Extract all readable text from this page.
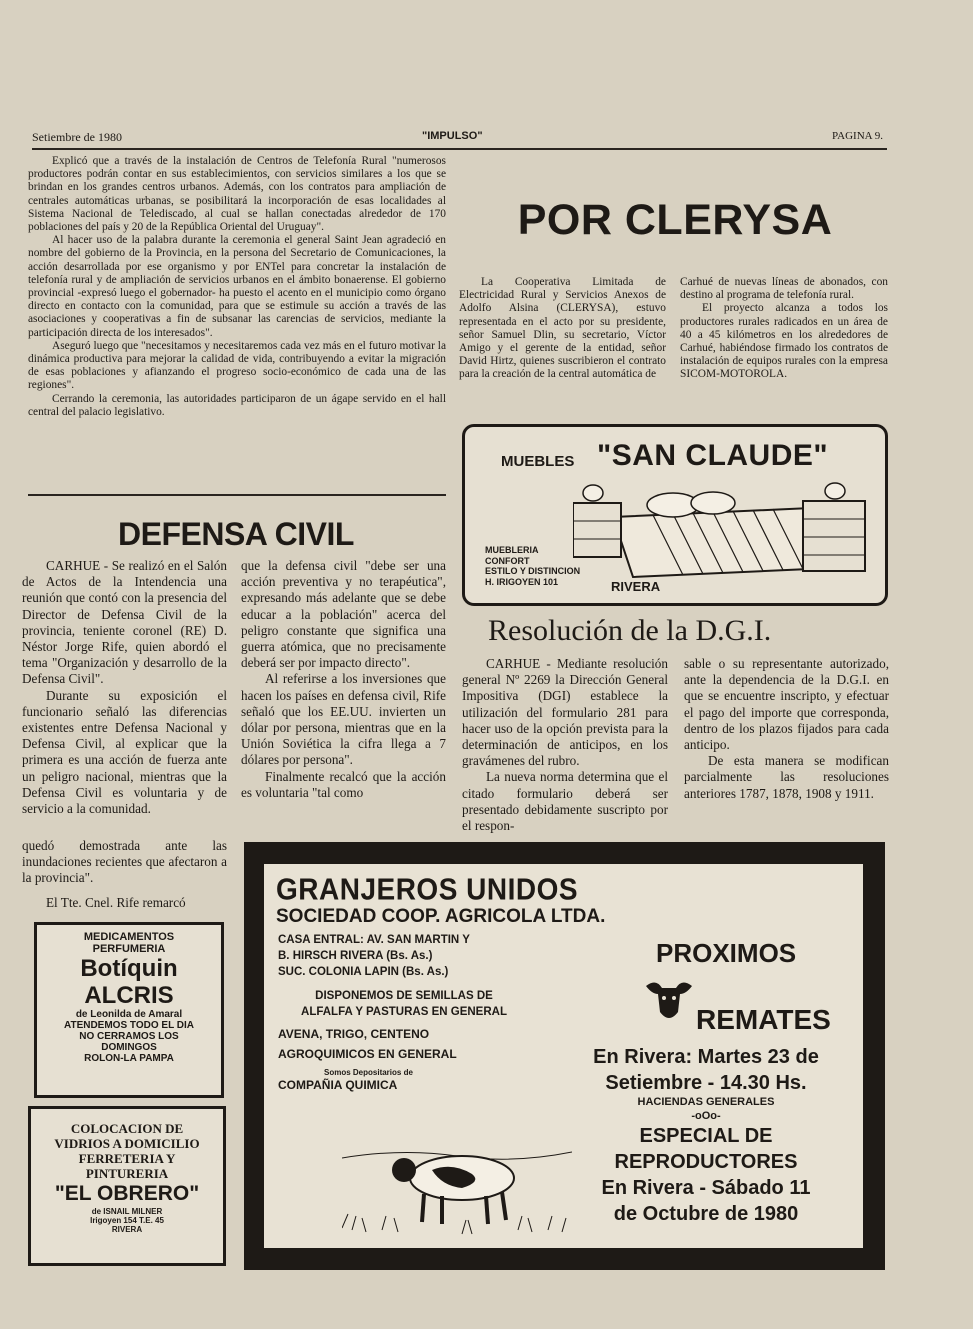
Setiembre de 1980	"IMPULSO"	PAGINA 9.

Explicó que a través de la instalación de Centros de Telefonía Rural "numerosos productores podrán contar en sus establecimientos, con servicios similares a los que se brindan en los grandes centros urbanos. Además, con los contratos para ampliación de centrales automáticas urbanas, se posibilitará la incorporación de esas localidades al Sistema Nacional de Telediscado, al cual se hallan conectadas alrededor de 170 poblaciones del país y 20 de la República Oriental del Uruguay".

Al hacer uso de la palabra durante la ceremonia el general Saint Jean agradeció en nombre del gobierno de la Provincia, en la persona del Secretario de Comunicaciones, la acción desarrollada por ese organismo y por ENTel para concretar la instalación de telefonía rural y de ampliación de servicios urbanos en el ámbito bonaerense. El gobierno provincial -expresó luego el gobernador- ha puesto el acento en el municipio como órgano directo en contacto con la comunidad, para que se estimule su acción a través de las asociaciones y cooperativas a fin de subsanar las carencias de servicios, mediante la participación directa de los interesados".

Aseguró luego que "necesitamos y necesitaremos cada vez más en el futuro motivar la dinámica productiva para mejorar la calidad de vida, contribuyendo a evitar la migración de esas poblaciones y afianzando el progreso socio-económico de cada una de las regiones".

Cerrando la ceremonia, las autoridades participaron de un ágape servido en el hall central del palacio legislativo.

POR CLERYSA

La Cooperativa Limitada de Electricidad Rural y Servicios Anexos de Adolfo Alsina (CLERYSA), estuvo representada en el acto por su presidente, señor Samuel Dlin, su secretario, Víctor Amigo y el gerente de la entidad, señor David Hirtz, quienes suscribieron el contrato para la creación de la central automática de

Carhué de nuevas líneas de abonados, con destino al programa de telefonía rural.

El proyecto alcanza a todos los productores rurales radicados en un área de 40 a 45 kilómetros en los alrededores de Carhué, habiéndose firmado los contratos de instalación de equipos rurales con la empresa SICOM-MOTOROLA.

MUEBLES "SAN CLAUDE"
MUEBLERIA
CONFORT
ESTILO Y DISTINCION
H. IRIGOYEN 101	RIVERA
DEFENSA CIVIL

CARHUE - Se realizó en el Salón de Actos de la Intendencia una reunión que contó con la presencia del Director de Defensa Civil de la provincia, teniente coronel (RE) D. Néstor Jorge Rife, quien abordó el tema "Organización y desarrollo de la Defensa Civil".

Durante su exposición el funcionario señaló las diferencias existentes entre Defensa Nacional y Defensa Civil, al explicar que la primera es una acción de fuerza ante un peligro nacional, mientras que la Defensa Civil es voluntaria y de servicio a la comunidad.

que la defensa civil "debe ser una acción preventiva y no terapéutica", expresando más adelante que se debe educar a la población" acerca del peligro constante que significa una guerra atómica, que no precisamente deberá ser por impacto directo".

Al referirse a los inversiones que hacen los países en defensa civil, Rife señaló que los EE.UU. invierten un dólar por persona, mientras que en la Unión Soviética la cifra llega a 7 dólares por persona".

Finalmente recalcó que la acción es voluntaria "tal como

quedó demostrada ante las inundaciones recientes que afectaron a la provincia".

El Tte. Cnel. Rife remarcó

Resolución de la D.G.I.

CARHUE - Mediante resolución general Nº 2269 la Dirección General Impositiva (DGI) establece la utilización del formulario 281 para hacer uso de la opción prevista para la determinación de anticipos, en los gravámenes del rubro.

La nueva norma determina que el citado formulario deberá ser presentado debidamente suscripto por el respon-

sable o su representante autorizado, ante la dependencia de la D.G.I. en que se encuentre inscripto, y efectuar el pago del importe que corresponda, dentro de los plazos fijados para cada anticipo.

De esta manera se modifican parcialmente las resoluciones anteriores 1787, 1878, 1908 y 1911.

MEDICAMENTOS
PERFUMERIA
Botíquin
ALCRIS
de Leonilda de Amaral
ATENDEMOS TODO EL DIA
NO CERRAMOS LOS
DOMINGOS
ROLON-LA PAMPA
COLOCACION DE
VIDRIOS A DOMICILIO
FERRETERIA Y
PINTURERIA
"EL OBRERO"
de ISNAIL MILNER
Irigoyen 154 T.E. 45
RIVERA
GRANJEROS UNIDOS
SOCIEDAD COOP. AGRICOLA LTDA.
CASA ENTRAL: AV. SAN MARTIN Y
B. HIRSCH RIVERA (Bs. As.)
SUC. COLONIA LAPIN (Bs. As.)
DISPONEMOS DE SEMILLAS DE
ALFALFA Y PASTURAS EN GENERAL
AVENA, TRIGO, CENTENO
AGROQUIMICOS EN GENERAL
Somos Depositarios de
COMPAÑIA QUIMICA
PROXIMOS
REMATES
En Rivera: Martes 23 de
Setiembre - 14.30 Hs.
HACIENDAS GENERALES
-oOo-
ESPECIAL DE
REPRODUCTORES
En Rivera - Sábado 11
de Octubre de 1980
